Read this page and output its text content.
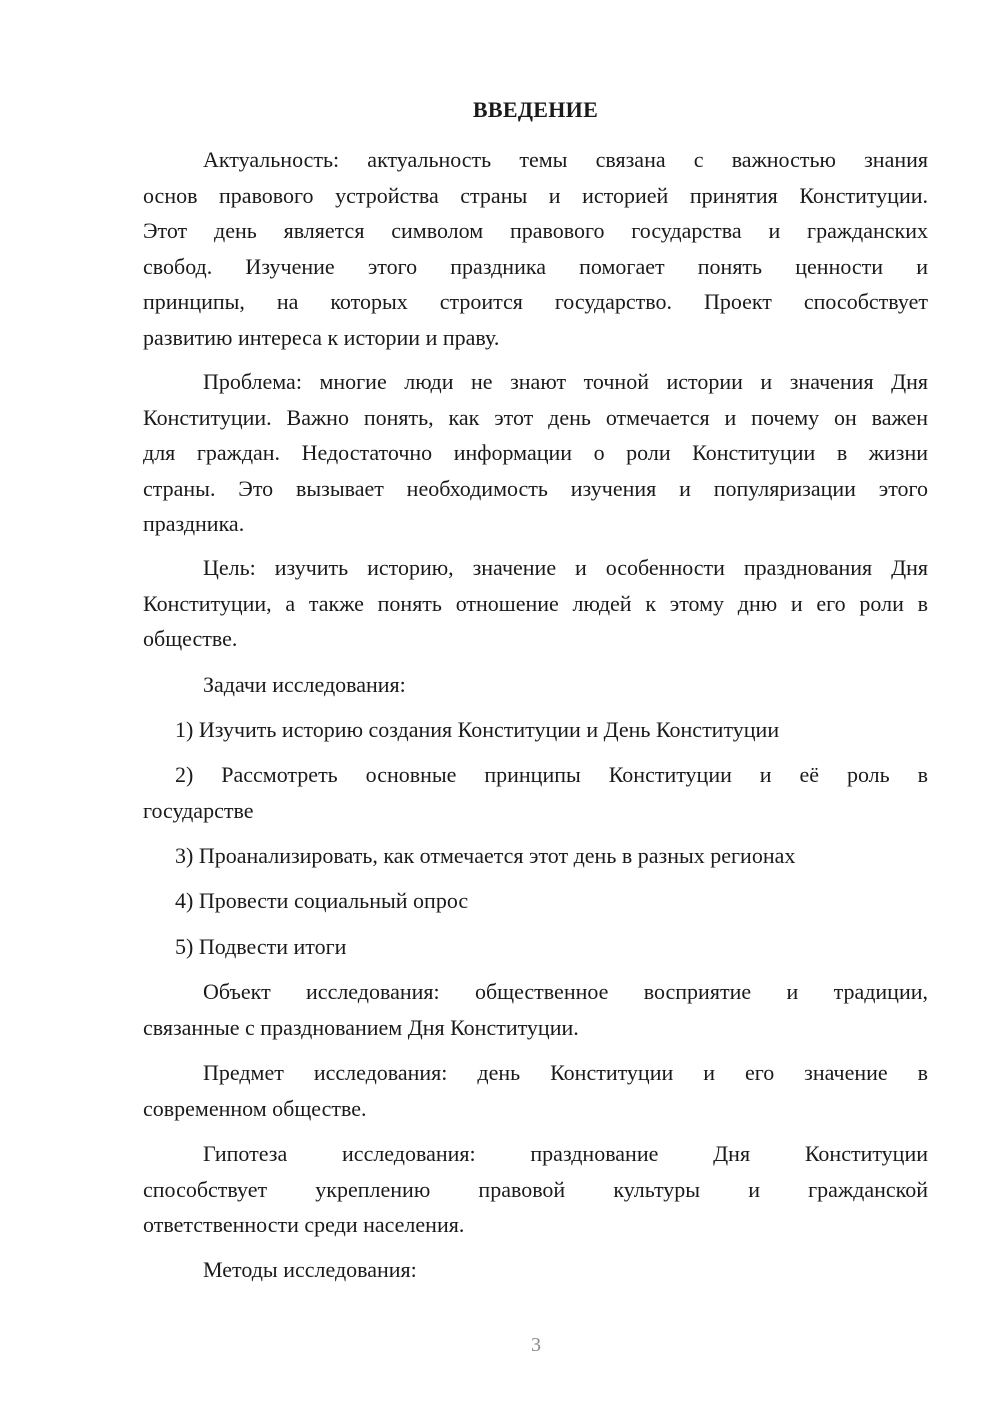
ВВЕДЕНИЕ
Актуальность: актуальность темы связана с важностью знания
основ правового устройства страны и историей принятия Конституции.
Этот день является символом правового государства и гражданских
свобод. Изучение этого праздника помогает понять ценности и
принципы, на которых строится государство. Проект способствует
развитию интереса к истории и праву.
Проблема: многие люди не знают точной истории и значения Дня
Конституции. Важно понять, как этот день отмечается и почему он важен
для граждан. Недостаточно информации о роли Конституции в жизни
страны. Это вызывает необходимость изучения и популяризации этого
праздника.
Цель: изучить историю, значение и особенности празднования Дня
Конституции, а также понять отношение людей к этому дню и его роли в
обществе.
Задачи исследования:
1) Изучить историю создания Конституции и День Конституции
2) Рассмотреть основные принципы Конституции и её роль в
государстве
3) Проанализировать, как отмечается этот день в разных регионах
4) Провести социальный опрос
5) Подвести итоги
Объект исследования: общественное восприятие и традиции,
связанные с празднованием Дня Конституции.
Предмет исследования: день Конституции и его значение в
современном обществе.
Гипотеза исследования: празднование Дня Конституции
способствует укреплению правовой культуры и гражданской
ответственности среди населения.
Методы исследования:
3
